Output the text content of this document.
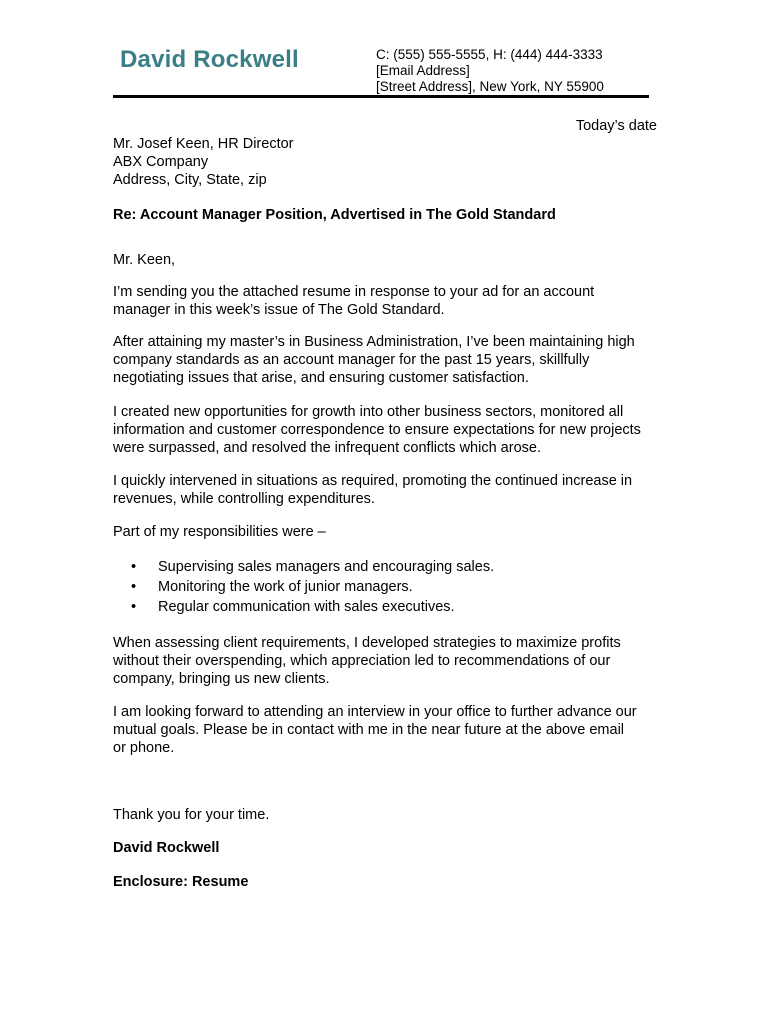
David Rockwell	C: (555) 555-5555, H: (444) 444-3333
[Email Address]
[Street Address], New York, NY 55900
Today’s date
Mr. Josef Keen, HR Director
ABX Company
Address, City, State, zip
Re: Account Manager Position, Advertised in The Gold Standard
Mr. Keen,
I’m sending you the attached resume in response to your ad for an account manager in this week’s issue of The Gold Standard.
After attaining my master’s in Business Administration, I’ve been maintaining high company standards as an account manager for the past 15 years, skillfully negotiating issues that arise, and ensuring customer satisfaction.
I created new opportunities for growth into other business sectors, monitored all information and customer correspondence to ensure expectations for new projects were surpassed, and resolved the infrequent conflicts which arose.
I quickly intervened in situations as required, promoting the continued increase in revenues, while controlling expenditures.
Part of my responsibilities were –
• Supervising sales managers and encouraging sales.
• Monitoring the work of junior managers.
• Regular communication with sales executives.
When assessing client requirements, I developed strategies to maximize profits without their overspending, which appreciation led to recommendations of our company, bringing us new clients.
I am looking forward to attending an interview in your office to further advance our mutual goals. Please be in contact with me in the near future at the above email or phone.
Thank you for your time.
David Rockwell
Enclosure: Resume
